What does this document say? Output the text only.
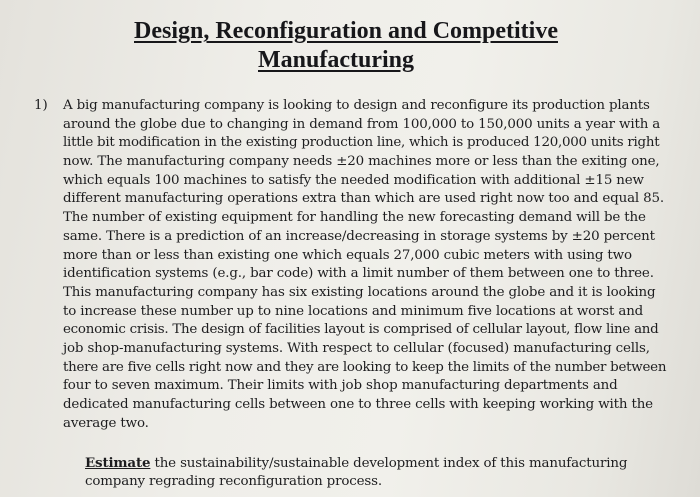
Design, Reconfiguration and Competitive
Manufacturing
1) A big manufacturing company is looking to design and reconfigure its production plants
around the globe due to changing in demand from 100,000 to 150,000 units a year with a
little bit modification in the existing production line, which is produced 120,000 units right
now. The manufacturing company needs ±20 machines more or less than the exiting one,
which equals 100 machines to satisfy the needed modification with additional ±15 new
different manufacturing operations extra than which are used right now too and equal 85.
The number of existing equipment for handling the new forecasting demand will be the
same. There is a prediction of an increase/decreasing in storage systems by ±20 percent
more than or less than existing one which equals 27,000 cubic meters with using two
identification systems (e.g., bar code) with a limit number of them between one to three.
This manufacturing company has six existing locations around the globe and it is looking
to increase these number up to nine locations and minimum five locations at worst and
economic crisis. The design of facilities layout is comprised of cellular layout, flow line and
job shop-manufacturing systems. With respect to cellular (focused) manufacturing cells,
there are five cells right now and they are looking to keep the limits of the number between
four to seven maximum. Their limits with job shop manufacturing departments and
dedicated manufacturing cells between one to three cells with keeping working with the
average two.
Estimate the sustainability/sustainable development index of this manufacturing
company regrading reconfiguration process.
